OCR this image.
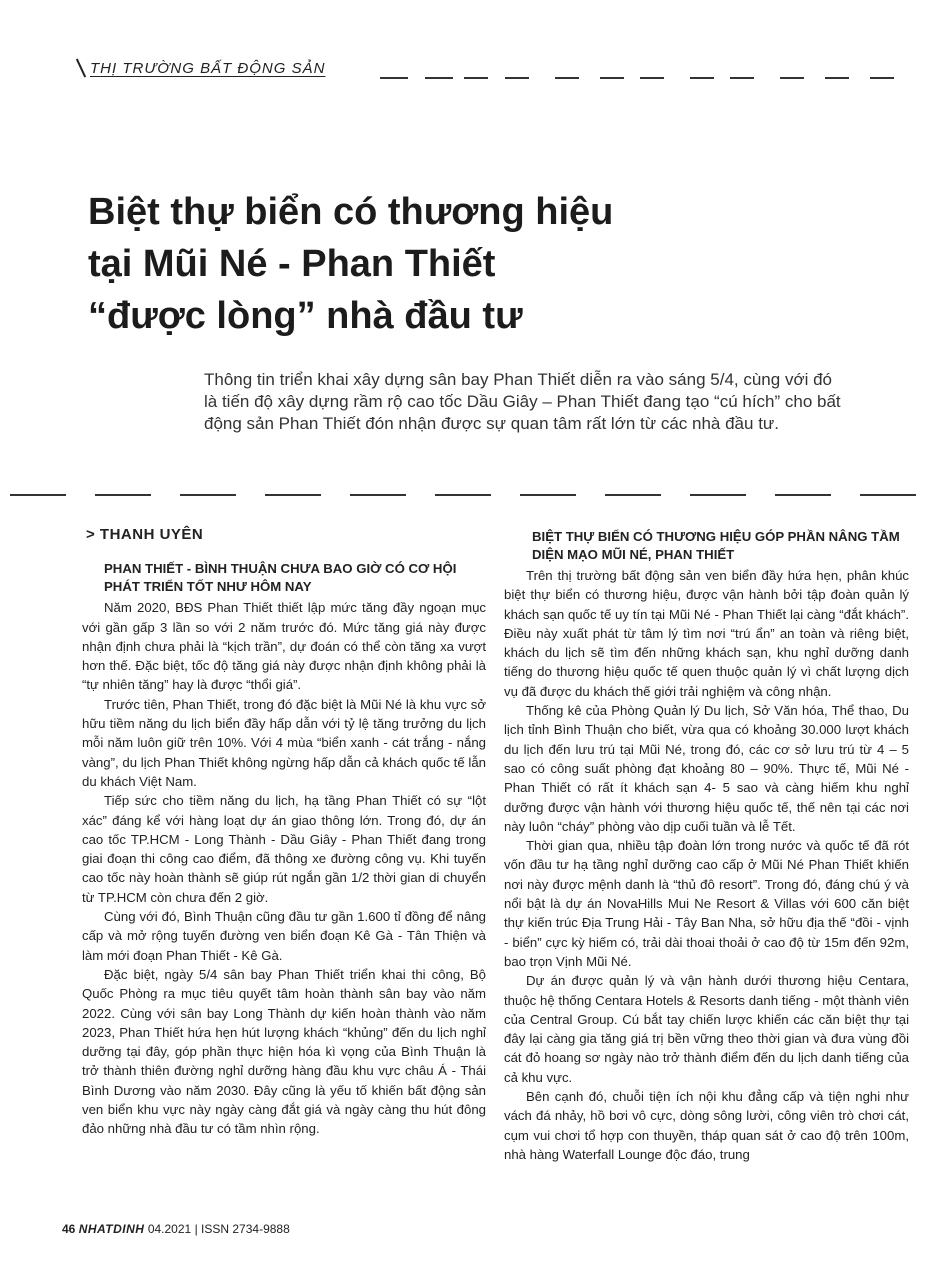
THỊ TRƯỜNG BẤT ĐỘNG SẢN
Biệt thự biển có thương hiệu
tại Mũi Né - Phan Thiết
“được lòng” nhà đầu tư
Thông tin triển khai xây dựng sân bay Phan Thiết diễn ra vào sáng 5/4, cùng với đó là tiến độ xây dựng rầm rộ cao tốc Dầu Giây – Phan Thiết đang tạo “cú hích” cho bất động sản Phan Thiết đón nhận được sự quan tâm rất lớn từ các nhà đầu tư.
> THANH UYÊN
PHAN THIẾT - BÌNH THUẬN CHƯA BAO GIỜ CÓ CƠ HỘI PHÁT TRIỂN TỐT NHƯ HÔM NAY

Năm 2020, BĐS Phan Thiết thiết lập mức tăng đầy ngoạn mục với gần gấp 3 lần so với 2 năm trước đó. Mức tăng giá này được nhận định chưa phải là “kịch trần”, dự đoán có thể còn tăng xa vượt hơn thế. Đặc biệt, tốc độ tăng giá này được nhận định không phải là “tự nhiên tăng” hay là được “thổi giá”.

Trước tiên, Phan Thiết, trong đó đặc biệt là Mũi Né là khu vực sở hữu tiềm năng du lịch biển đầy hấp dẫn với tỷ lệ tăng trưởng du lịch mỗi năm luôn giữ trên 10%. Với 4 mùa “biển xanh - cát trắng - nắng vàng”, du lịch Phan Thiết không ngừng hấp dẫn cả khách quốc tế lẫn du khách Việt Nam.

Tiếp sức cho tiềm năng du lịch, hạ tầng Phan Thiết có sự “lột xác” đáng kể với hàng loạt dự án giao thông lớn. Trong đó, dự án cao tốc TP.HCM - Long Thành - Dầu Giây - Phan Thiết đang trong giai đoạn thi công cao điểm, đã thông xe đường công vụ. Khi tuyến cao tốc này hoàn thành sẽ giúp rút ngắn gần 1/2 thời gian di chuyển từ TP.HCM còn chưa đến 2 giờ.

Cùng với đó, Bình Thuận cũng đầu tư gần 1.600 tỉ đồng để nâng cấp và mở rộng tuyến đường ven biển đoạn Kê Gà - Tân Thiện và làm mới đoạn Phan Thiết - Kê Gà.

Đặc biệt, ngày 5/4 sân bay Phan Thiết triển khai thi công, Bộ Quốc Phòng ra mục tiêu quyết tâm hoàn thành sân bay vào năm 2022. Cùng với sân bay Long Thành dự kiến hoàn thành vào năm 2023, Phan Thiết hứa hẹn hút lượng khách “khủng” đến du lịch nghỉ dưỡng tại đây, góp phần thực hiện hóa kì vọng của Bình Thuận là trở thành thiên đường nghỉ dưỡng hàng đầu khu vực châu Á - Thái Bình Dương vào năm 2030. Đây cũng là yếu tố khiến bất động sản ven biển khu vực này ngày càng đắt giá và ngày càng thu hút đông đảo những nhà đầu tư có tầm nhìn rộng.

BIỆT THỰ BIỂN CÓ THƯƠNG HIỆU GÓP PHẦN NÂNG TẦM DIỆN MẠO MŨI NÉ, PHAN THIẾT

Trên thị trường bất động sản ven biển đầy hứa hẹn, phân khúc biệt thự biển có thương hiệu, được vận hành bởi tập đoàn quản lý khách sạn quốc tế uy tín tại Mũi Né - Phan Thiết lại càng “đắt khách”. Điều này xuất phát từ tâm lý tìm nơi “trú ẩn” an toàn và riêng biệt, khách du lịch sẽ tìm đến những khách sạn, khu nghỉ dưỡng danh tiếng do thương hiệu quốc tế quen thuộc quản lý vì chất lượng dịch vụ đã được du khách thế giới trải nghiệm và công nhận.

Thống kê của Phòng Quản lý Du lịch, Sở Văn hóa, Thể thao, Du lịch tỉnh Bình Thuận cho biết, vừa qua có khoảng 30.000 lượt khách du lịch đến lưu trú tại Mũi Né, trong đó, các cơ sở lưu trú từ 4 – 5 sao có công suất phòng đạt khoảng 80 – 90%. Thực tế, Mũi Né - Phan Thiết có rất ít khách sạn 4- 5 sao và càng hiếm khu nghỉ dưỡng được vận hành với thương hiệu quốc tế, thế nên tại các nơi này luôn “cháy” phòng vào dịp cuối tuần và lễ Tết.

Thời gian qua, nhiều tập đoàn lớn trong nước và quốc tế đã rót vốn đầu tư hạ tầng nghỉ dưỡng cao cấp ở Mũi Né Phan Thiết khiến nơi này được mệnh danh là “thủ đô resort”. Trong đó, đáng chú ý và nổi bật là dự án NovaHills Mui Ne Resort & Villas với 600 căn biệt thự kiến trúc Địa Trung Hải - Tây Ban Nha, sở hữu địa thế “đồi - vịnh - biển” cực kỳ hiếm có, trải dài thoai thoải ở cao độ từ 15m đến 92m, bao trọn Vịnh Mũi Né.

Dự án được quản lý và vận hành dưới thương hiệu Centara, thuộc hệ thống Centara Hotels & Resorts danh tiếng - một thành viên của Central Group. Cú bắt tay chiến lược khiến các căn biệt thự tại đây lại càng gia tăng giá trị bền vững theo thời gian và đưa vùng đồi cát đỏ hoang sơ ngày nào trở thành điểm đến du lịch danh tiếng của cả khu vực.

Bên cạnh đó, chuỗi tiện ích nội khu đẳng cấp và tiện nghi như vách đá nhảy, hồ bơi vô cực, dòng sông lười, công viên trò chơi cát, cụm vui chơi tổ hợp con thuyền, tháp quan sát ở cao độ trên 100m, nhà hàng Waterfall Lounge độc đáo, trung

46 NHATDINH 04.2021 | ISSN 2734-9888
